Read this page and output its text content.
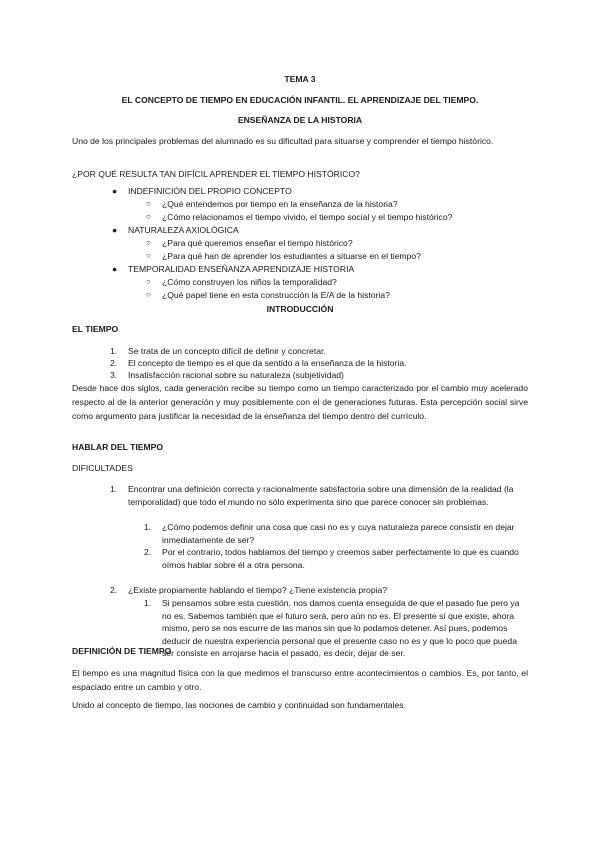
TEMA 3
EL CONCEPTO DE TIEMPO EN EDUCACIÓN INFANTIL. EL APRENDIZAJE DEL TIEMPO.
ENSEÑANZA DE LA HISTORIA
Uno de los principales problemas del alumnado es su dificultad para situarse y comprender el tiempo histórico.
¿POR QUÉ RESULTA TAN DIFÍCIL APRENDER EL TIEMPO HISTÓRICO?
● INDEFINICIÓN DEL PROPIO CONCEPTO
○ ¿Qué entendemos por tiempo en la enseñanza de la historia?
○ ¿Cómo relacionamos el tiempo vivido, el tiempo social y el tiempo histórico?
● NATURALEZA AXIOLÓGICA
○ ¿Para qué queremos enseñar el tiempo histórico?
○ ¿Para qué han de aprender los estudiantes a situarse en el tiempo?
● TEMPORALIDAD ENSEÑANZA APRENDIZAJE HISTORIA
○ ¿Cómo construyen los niños la temporalidad?
○ ¿Qué papel tiene en esta construcción la E/A de la historia?
INTRODUCCIÓN
EL TIEMPO
1. Se trata de un concepto difícil de definir y concretar.
2. El concepto de tiempo es el que da sentido a la enseñanza de la historia.
3. Insatisfacción racional sobre su naturaleza (subjetividad)
Desde hace dos siglos, cada generación recibe su tiempo como un tiempo caracterizado por el cambio muy acelerado respecto al de la anterior generación y muy posiblemente con el de generaciones futuras. Esta percepción social sirve como argumento para justificar la necesidad de la enseñanza del tiempo dentro del currículo.
HABLAR DEL TIEMPO
DIFICULTADES
1. Encontrar una definición correcta y racionalmente satisfactoria sobre una dimensión de la realidad (la temporalidad) que todo el mundo no sólo experimenta sino que parece conocer sin problemas.
1. ¿Cómo podemos definir una cosa que casi no es y cuya naturaleza parece consistir en dejar inmediatamente de ser?
2. Por el contrario, todos hablamos del tiempo y creemos saber perfectamente lo que es cuando oímos hablar sobre él a otra persona.
2. ¿Existe propiamente hablando el tiempo? ¿Tiene existencia propia?
1. Si pensamos sobre esta cuestión, nos damos cuenta enseguida de que el pasado fue pero ya no es. Sabemos también que el futuro será, pero aún no es. El presente sí que existe, ahora mismo, pero se nos escurre de las manos sin que lo podamos detener. Así pues, podemos deducir de nuestra experiencia personal que el presente caso no es y que lo poco que pueda ser consiste en arrojarse hacia el pasado, es decir, dejar de ser.
DEFINICIÓN DE TIEMPO
El tiempo es una magnitud física con la que medimos el transcurso entre acontecimientos o cambios. Es, por tanto, el espaciado entre un cambio y otro.
Unido al concepto de tiempo, las nociones de cambio y continuidad son fundamentales.
